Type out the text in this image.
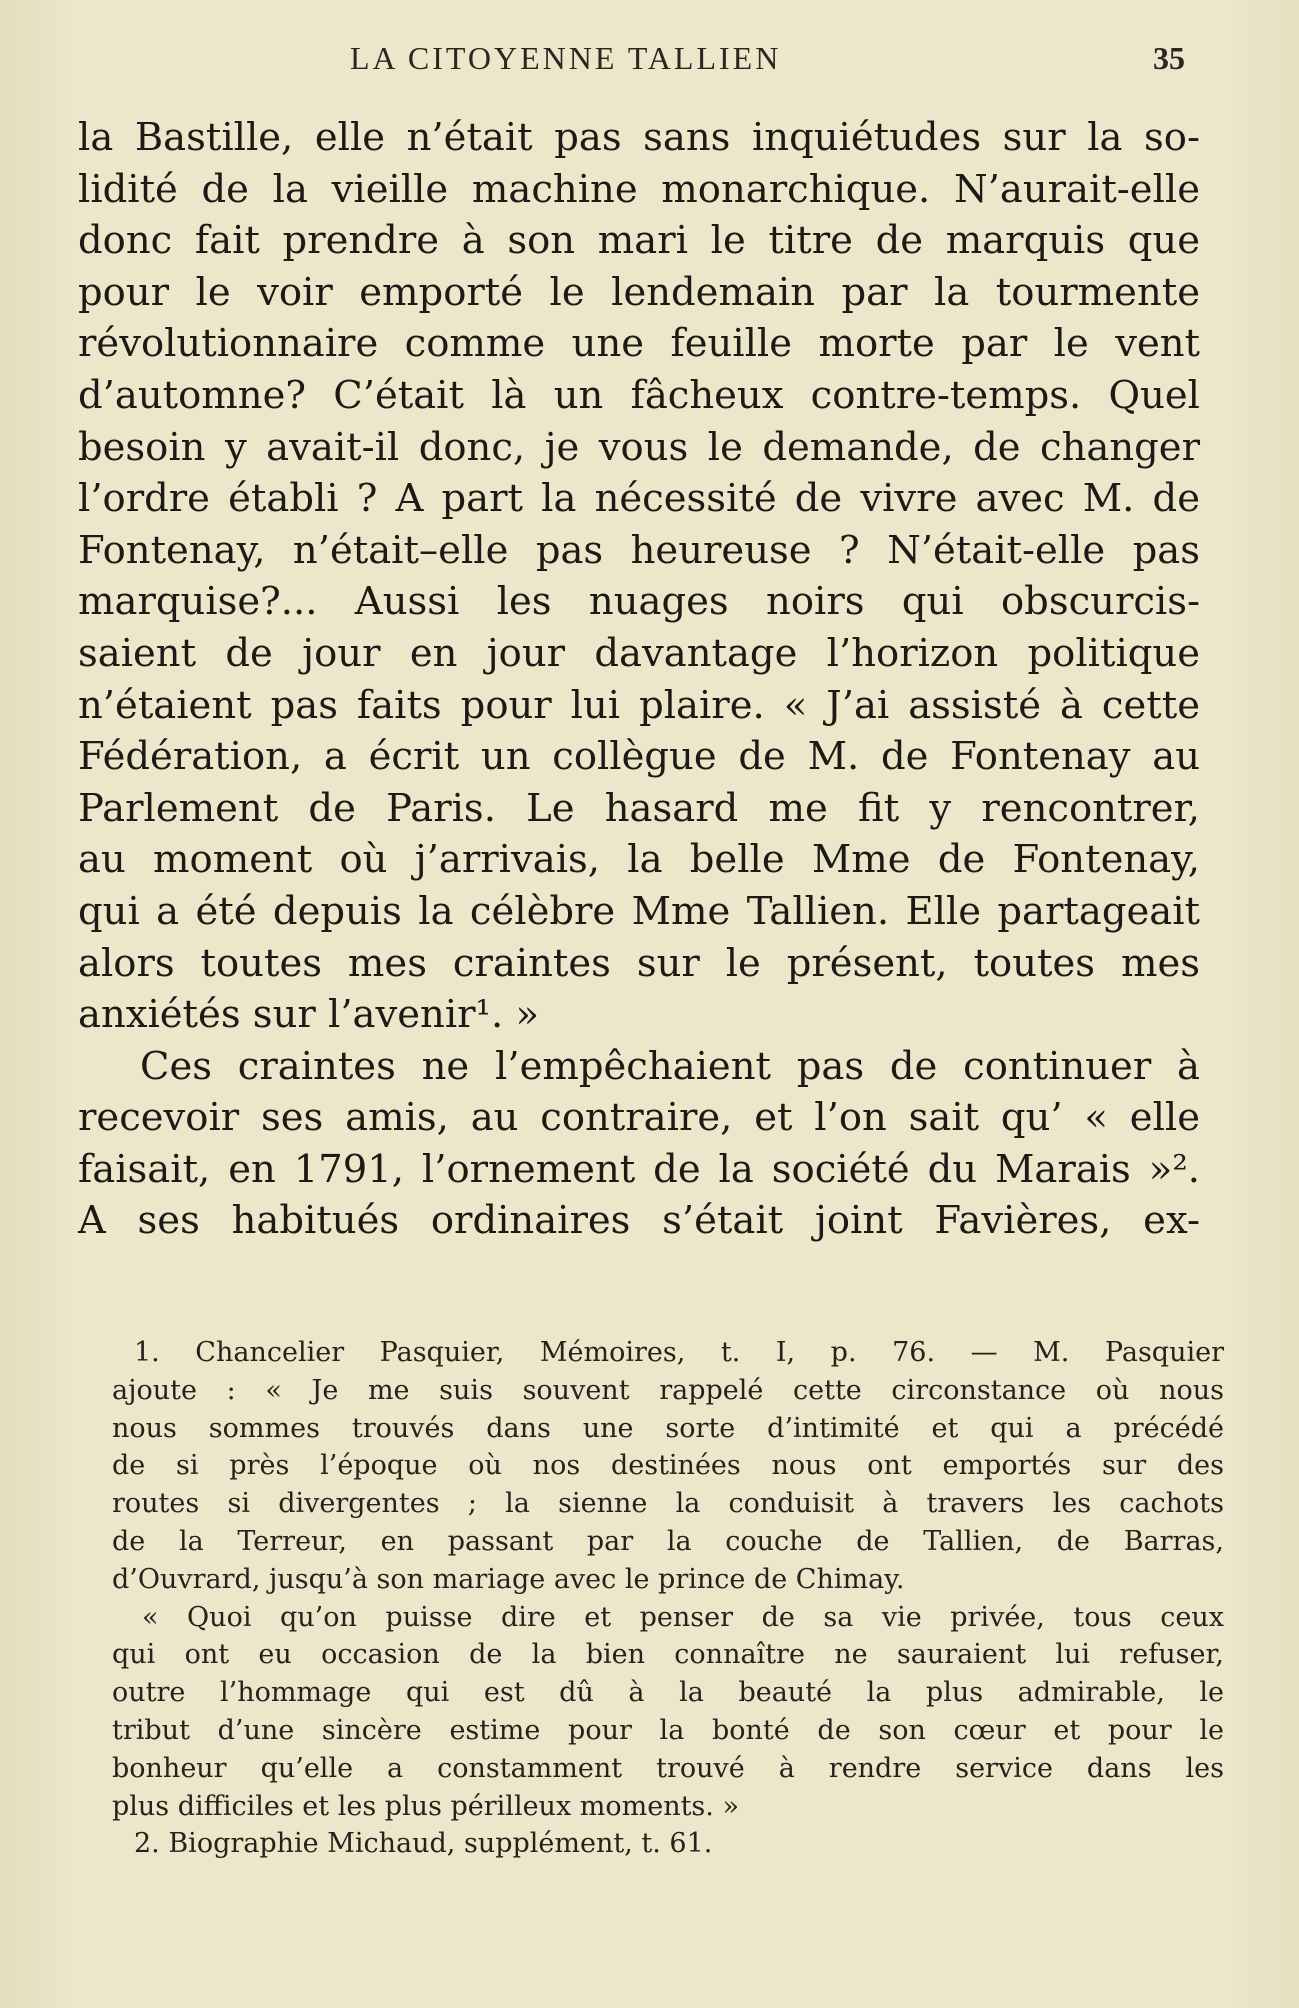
LA CITOYENNE TALLIEN	35
la Bastille, elle n’était pas sans inquiétudes sur la so-
lidité de la vieille machine monarchique. N’aurait-elle
donc fait prendre à son mari le titre de marquis que
pour le voir emporté le lendemain par la tourmente
révolutionnaire comme une feuille morte par le vent
d’automne? C’était là un fâcheux contre-temps. Quel
besoin y avait-il donc, je vous le demande, de changer
l’ordre établi ? A part la nécessité de vivre avec M. de
Fontenay, n’était–elle pas heureuse ? N’était-elle pas
marquise?... Aussi les nuages noirs qui obscurcis-
saient de jour en jour davantage l’horizon politique
n’étaient pas faits pour lui plaire. « J’ai assisté à cette
Fédération, a écrit un collègue de M. de Fontenay au
Parlement de Paris. Le hasard me fit y rencontrer,
au moment où j’arrivais, la belle Mme de Fontenay,
qui a été depuis la célèbre Mme Tallien. Elle partageait
alors toutes mes craintes sur le présent, toutes mes
anxiétés sur l’avenir¹. »
Ces craintes ne l’empêchaient pas de continuer à
recevoir ses amis, au contraire, et l’on sait qu’ « elle
faisait, en 1791, l’ornement de la société du Marais »².
A ses habitués ordinaires s’était joint Favières, ex-
1. Chancelier Pasquier, Mémoires, t. I, p. 76. — M. Pasquier
ajoute : « Je me suis souvent rappelé cette circonstance où nous
nous sommes trouvés dans une sorte d’intimité et qui a précédé
de si près l’époque où nos destinées nous ont emportés sur des
routes si divergentes ; la sienne la conduisit à travers les cachots
de la Terreur, en passant par la couche de Tallien, de Barras,
d’Ouvrard, jusqu’à son mariage avec le prince de Chimay.
« Quoi qu’on puisse dire et penser de sa vie privée, tous ceux
qui ont eu occasion de la bien connaître ne sauraient lui refuser,
outre l’hommage qui est dû à la beauté la plus admirable, le
tribut d’une sincère estime pour la bonté de son cœur et pour le
bonheur qu’elle a constamment trouvé à rendre service dans les
plus difficiles et les plus périlleux moments. »
2. Biographie Michaud, supplément, t. 61.
